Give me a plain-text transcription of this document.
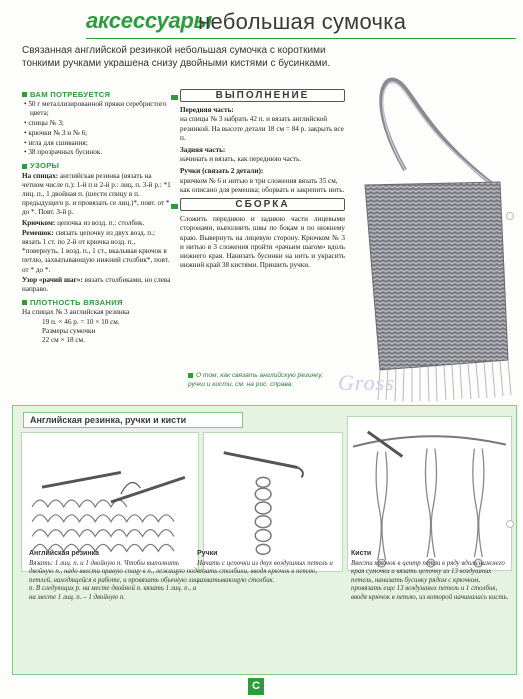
аксессуары
небольшая сумочка
Связанная английской резинкой небольшая сумочка с короткими тонкими ручками украшена снизу двойными кистями с бусинками.
ВАМ ПОТРЕБУЕТСЯ
• 50 г металлизированной пряжи серебристого цвета;
• спицы № 3;
• крючки № 3 и № 6;
• игла для сшивания;
• 38 прозрачных бусинок.
УЗОРЫ
На спицах: английская резинка (вязать на четном числе п.): 1-й п и 2-й р.: лиц. п. 3-й р.: *1 лиц. п., 1 двойная п. (шести спицу в п. предыдущего р. и провязать се лиц.)*, повт. от * до *. Повт. 3-й р.
Крючком: цепочка из возд. п.: столбик.
Ремешок: связать цепочку из двух возд. п.; вязать 1 ст. по 2-й от крючка возд. п., *повернуть, 1 возд. п., 1 ст., вкалывая крючок в петлю, захватывающую нижний столбик*, повт. от * до *.
Узор «рачий шаг»: вязать столбиками, но слева направо.
ПЛОТНОСТЬ ВЯЗАНИЯ
На спицах № 3 английская резинка
19 п. × 46 р. = 10 × 10 см.
Размеры сумочки
22 см × 18 см.
ВЫПОЛНЕНИЕ
Передняя часть:
на спицы № 3 набрать 42 п. и вязать английской резинкой. На высоте детали 18 см = 84 р. закрыть все п.
Задняя часть:
начинать и вязать, как переднюю часть.
Ручки (связать 2 детали):
крючком № 6 и нитью в три сложения вязать 35 см, как описано для ремешка; оборвать и закрепить нить.
СБОРКА
Сложить переднюю и заднюю части лицевыми сторонами, выполнить швы по бокам и по нижнему краю. Вывернуть на лицевую сторону. Крючком № 3 и нитью в 3 сложения пройти «рачьим шагом» вдоль нижнего края. Нанизать бусинки на нить и украсить нижний край 38 кистями. Пришить ручки.
О том, как связать английскую резинку, ручки и кисти, см. на рис. справа.	Gross
Английская резинка, ручки и кисти
Английская резинка
Вязать: 1 лиц. п. и 1 двойную п. Чтобы выполнить двойную п., надо ввести правую спицу в п., лежащую под петлей, находящейся в работе, и провязать обычную лиц. п. В следующих р. на месте двойной п. вязать 1 лиц. п., а на месте 1 лиц. п. – 1 двойную п.
Ручки
Начать с цепочки из двух воздушных петель и вязать столбики, вводя крючок в петлю, захватывающую столбик.
Кисти
Ввести крючок в центр петли в ряду вдоль нижнего края сумочки и вязать цепочку из 13 воздушных петель, нанизать бусинку рядом с крючком, провязать еще 13 воздушных петель и 1 столбик, вводя крючок в петлю, из которой начиналась кисть.
С
